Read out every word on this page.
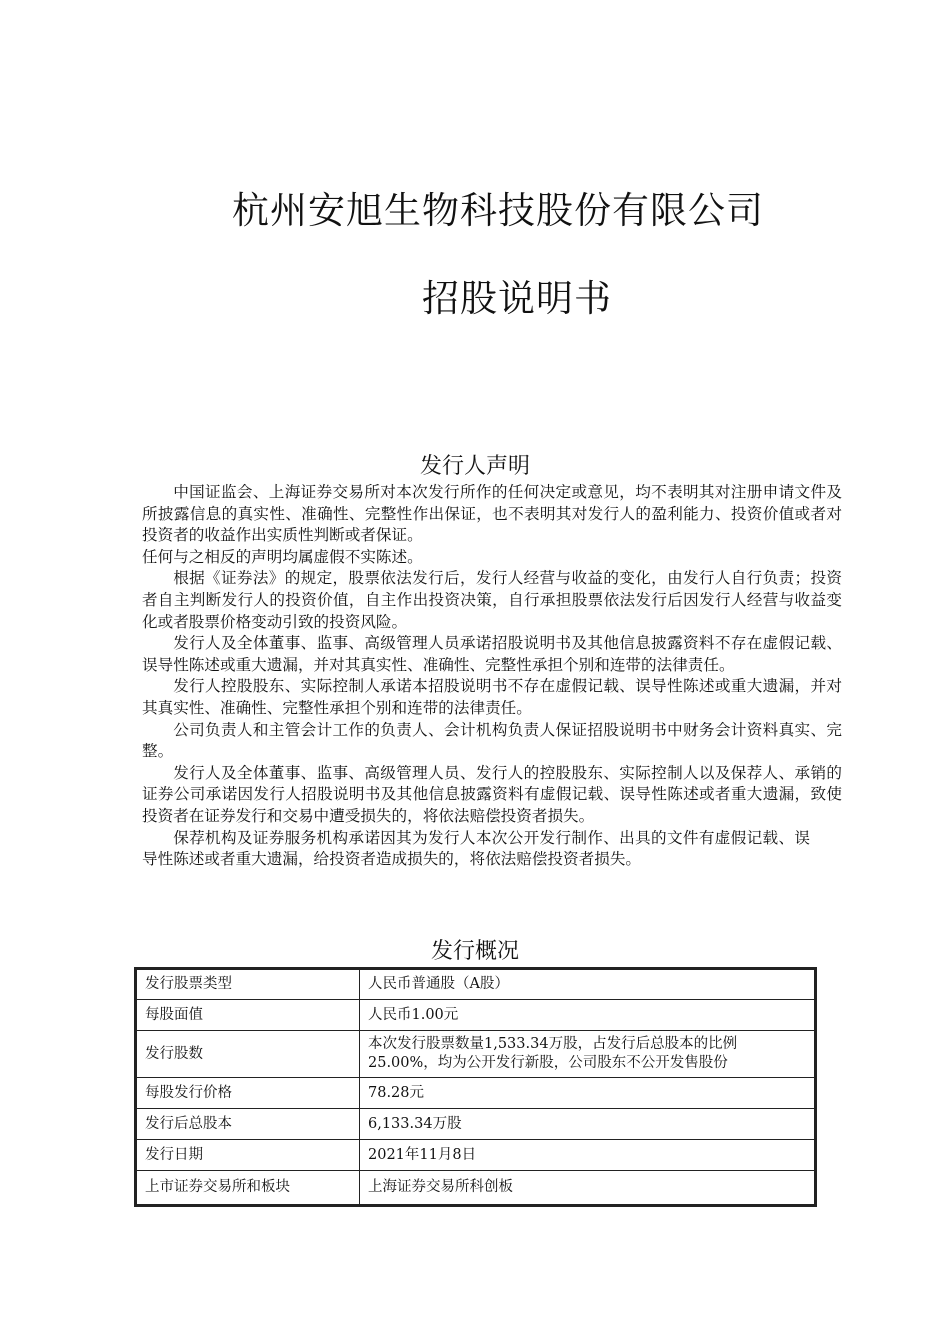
杭州安旭生物科技股份有限公司
招股说明书
发行人声明

中国证监会、上海证券交易所对本次发行所作的任何决定或意见，均不表明其对注册申请文件及所披露信息的真实性、准确性、完整性作出保证，也不表明其对发行人的盈利能力、投资价值或者对投资者的收益作出实质性判断或者保证。

任何与之相反的声明均属虚假不实陈述。

根据《证券法》的规定，股票依法发行后，发行人经营与收益的变化，由发行人自行负责；投资者自主判断发行人的投资价值，自主作出投资决策，自行承担股票依法发行后因发行人经营与收益变化或者股票价格变动引致的投资风险。

发行人及全体董事、监事、高级管理人员承诺招股说明书及其他信息披露资料不存在虚假记载、误导性陈述或重大遗漏，并对其真实性、准确性、完整性承担个别和连带的法律责任。

发行人控股股东、实际控制人承诺本招股说明书不存在虚假记载、误导性陈述或重大遗漏，并对其真实性、准确性、完整性承担个别和连带的法律责任。

公司负责人和主管会计工作的负责人、会计机构负责人保证招股说明书中财务会计资料真实、完整。

发行人及全体董事、监事、高级管理人员、发行人的控股股东、实际控制人以及保荐人、承销的证券公司承诺因发行人招股说明书及其他信息披露资料有虚假记载、误导性陈述或者重大遗漏，致使投资者在证券发行和交易中遭受损失的，将依法赔偿投资者损失。

保荐机构及证券服务机构承诺因其为发行人本次公开发行制作、出具的文件有虚假记载、误导性陈述或者重大遗漏，给投资者造成损失的，将依法赔偿投资者损失。

发行概况
发行股票类型	人民币普通股（A股）
每股面值	人民币1.00元
发行股数	本次发行股票数量1,533.34万股，占发行后总股本的比例25.00%，均为公开发行新股，公司股东不公开发售股份
每股发行价格	78.28元
发行后总股本	6,133.34万股
发行日期	2021年11月8日
上市证券交易所和板块	上海证券交易所科创板
